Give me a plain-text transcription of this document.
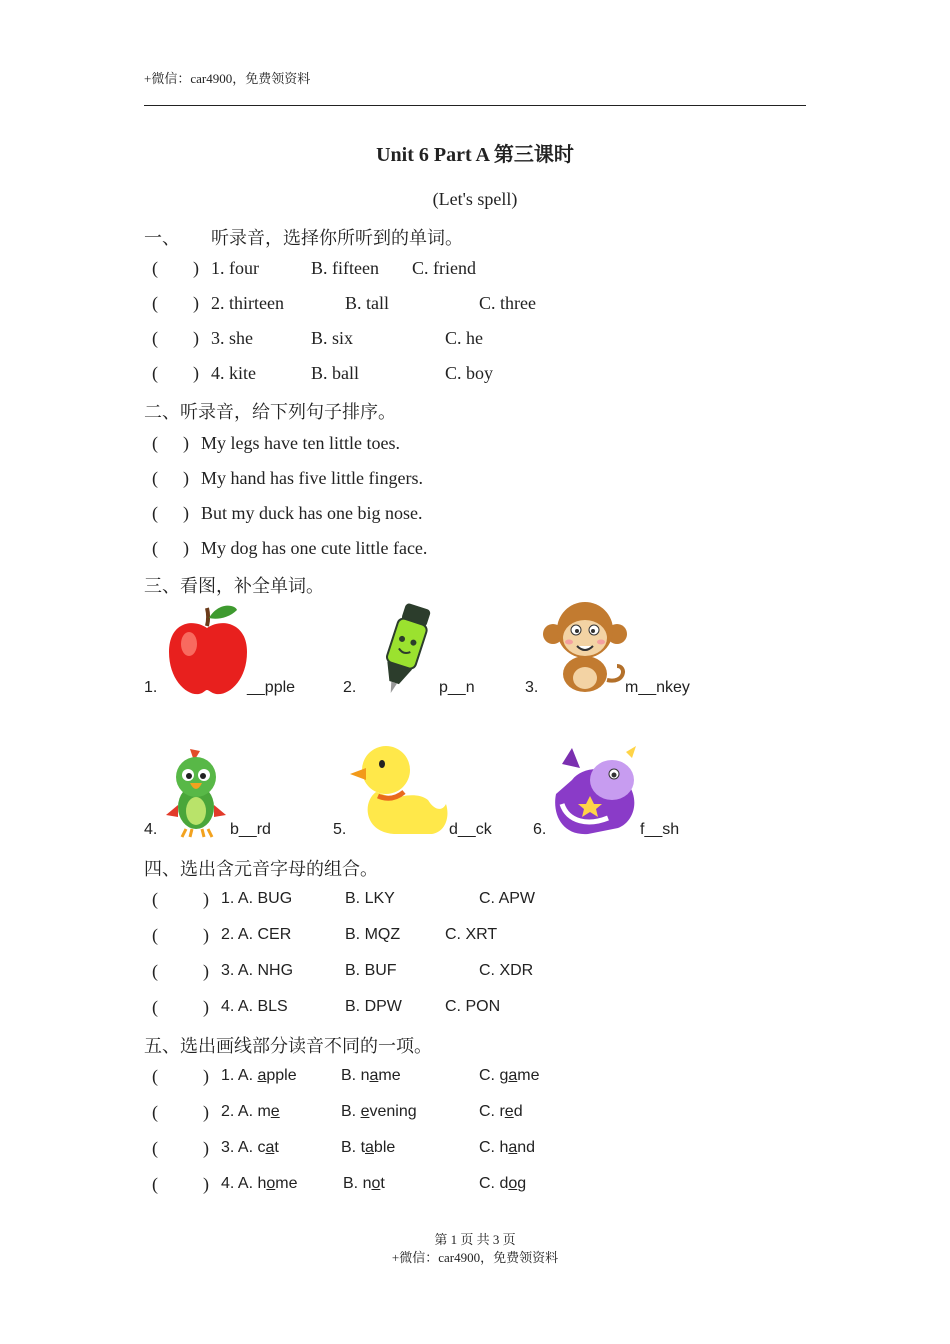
+微信：car4900，免费领资料
Unit 6 Part A 第三课时
(Let's spell)
一、 听录音，选择你所听到的单词。
( ) 1. four	B. fifteen C. friend
( ) 2. thirteen	B. tall	C. three
( ) 3. she	B. six	C. he
( ) 4. kite	B. ball	C. boy
二、听录音，给下列句子排序。
( ) My legs have ten little toes.
( ) My hand has five little fingers.
( ) But my duck has one big nose.
( ) My dog has one cute little face.
三、看图，补全单词。
1.	__pple	2.	p__n	3.	m__nkey
4.	b__rd	5.	d__ck	6.	f__sh
四、选出含元音字母的组合。
(	) 1. A. BUG	B. LKY	C. APW
(	) 2. A. CER	B. MQZ	C. XRT
(	) 3. A. NHG	B. BUF	C. XDR
(	) 4. A. BLS	B. DPW	C. PON
五、选出画线部分读音不同的一项。
(	) 1. A. apple	B. name	C. game
(	) 2. A. me	B. evening	C. red
(	) 3. A. cat	B. table	C. hand
(	) 4. A. home	B. not	C. dog
第 1 页 共 3 页
+微信：car4900，免费领资料
